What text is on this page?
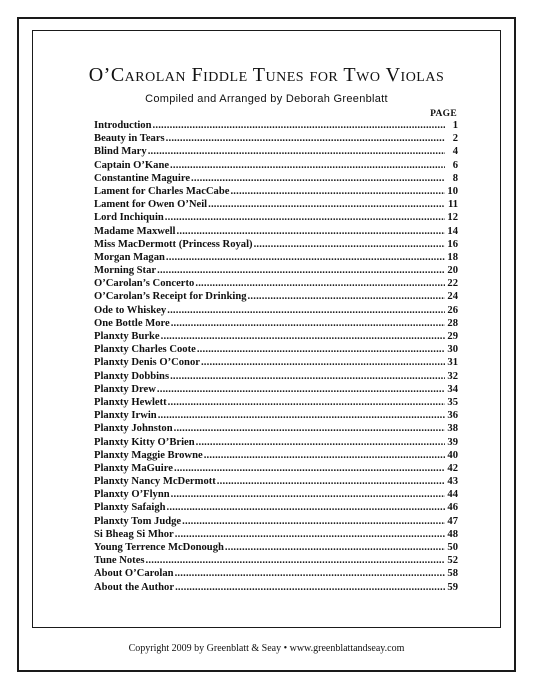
O’Carolan Fiddle Tunes for Two Violas
Compiled and Arranged by Deborah Greenblatt
PAGE
Introduction .....	1
Beauty in Tears .....	2
Blind Mary .....	4
Captain O’Kane .....	6
Constantine Maguire .....	8
Lament for Charles MacCabe .....	10
Lament for Owen O’Neil .....	11
Lord Inchiquin .....	12
Madame Maxwell .....	14
Miss MacDermott (Princess Royal) .....	16
Morgan Magan .....	18
Morning Star .....	20
O’Carolan’s Concerto .....	22
O’Carolan’s Receipt for Drinking .....	24
Ode to Whiskey .....	26
One Bottle More .....	28
Planxty Burke .....	29
Planxty Charles Coote .....	30
Planxty Denis O’Conor .....	31
Planxty Dobbins .....	32
Planxty Drew .....	34
Planxty Hewlett .....	35
Planxty Irwin .....	36
Planxty Johnston .....	38
Planxty Kitty O’Brien .....	39
Planxty Maggie Browne .....	40
Planxty MaGuire .....	42
Planxty Nancy McDermott .....	43
Planxty O’Flynn .....	44
Planxty Safaigh .....	46
Planxty Tom Judge .....	47
Si Bheag Si Mhor .....	48
Young Terrence McDonough .....	50
Tune Notes .....	52
About O’Carolan .....	58
About the Author .....	59
Copyright 2009 by Greenblatt & Seay • www.greenblattandseay.com
